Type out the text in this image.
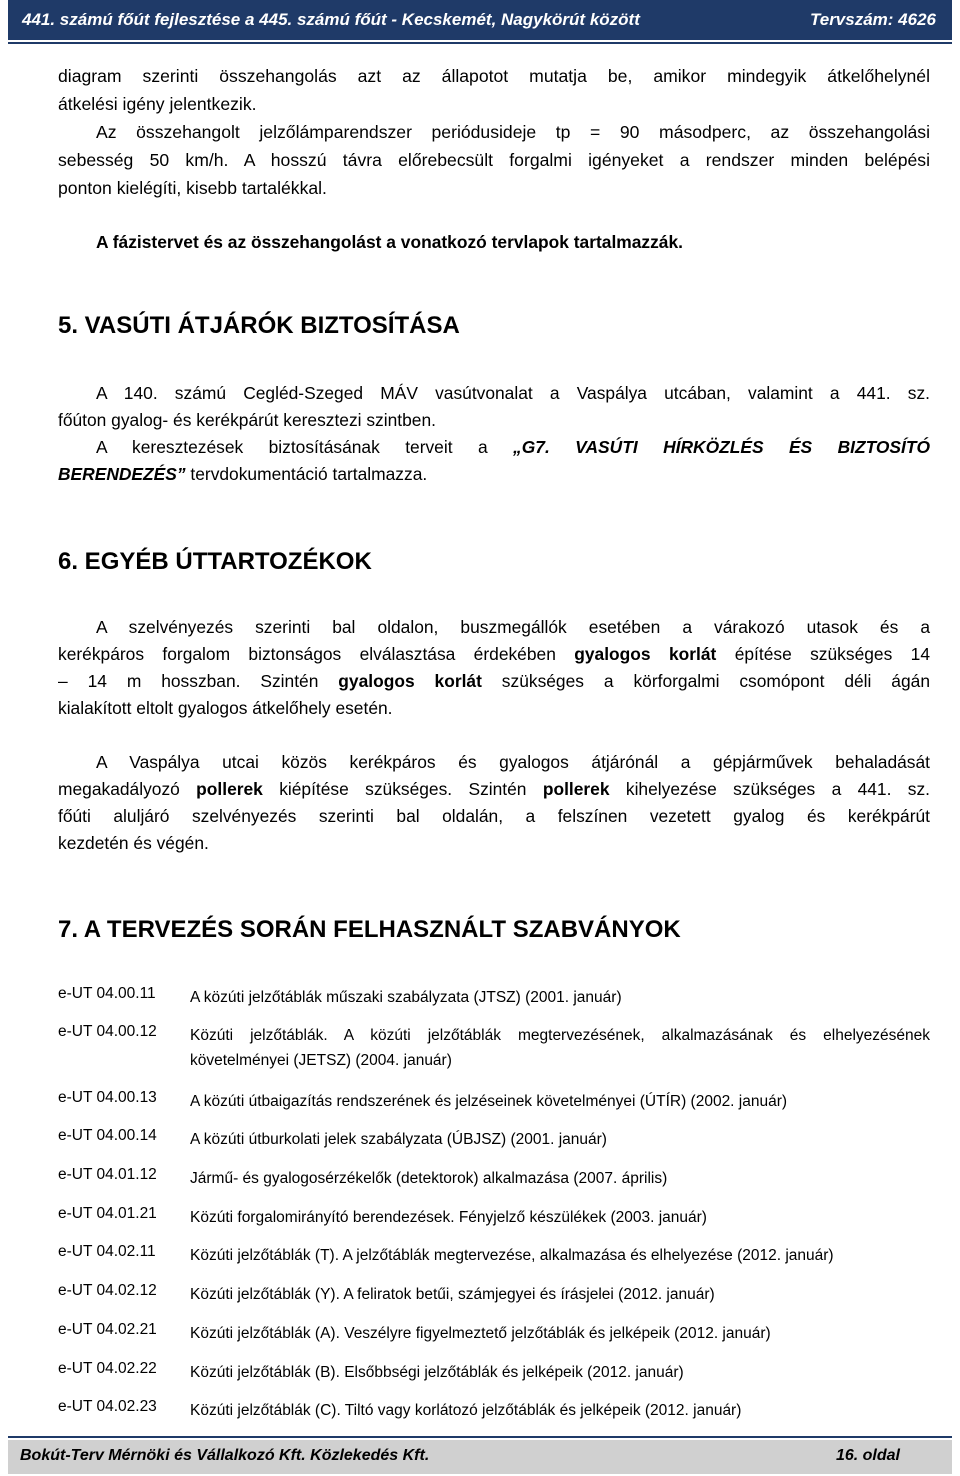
441. számú főút fejlesztése a 445. számú főút - Kecskemét, Nagykörút között	Tervszám: 4626
diagram szerinti összehangolás azt az állapotot mutatja be, amikor mindegyik átkelőhelynél
átkelési igény jelentkezik.
Az összehangolt jelzőlámparendszer periódusideje tp = 90 másodperc, az összehangolási
sebesség 50 km/h. A hosszú távra előrebecsült forgalmi igényeket a rendszer minden belépési
ponton kielégíti, kisebb tartalékkal.
A fázistervet és az összehangolást a vonatkozó tervlapok tartalmazzák.
5. VASÚTI ÁTJÁRÓK BIZTOSÍTÁSA
A 140. számú Cegléd-Szeged MÁV vasútvonalat a Vaspálya utcában, valamint a 441. sz.
főúton gyalog- és kerékpárút keresztezi szintben.
A keresztezések biztosításának terveit a „G7. VASÚTI HÍRKÖZLÉS ÉS BIZTOSÍTÓ
BERENDEZÉS” tervdokumentáció tartalmazza.
6. EGYÉB ÚTTARTOZÉKOK
A szelvényezés szerinti bal oldalon, buszmegállók esetében a várakozó utasok és a
kerékpáros forgalom biztonságos elválasztása érdekében gyalogos korlát építése szükséges 14
– 14 m hosszban. Szintén gyalogos korlát szükséges a körforgalmi csomópont déli ágán
kialakított eltolt gyalogos átkelőhely esetén.
A Vaspálya utcai közös kerékpáros és gyalogos átjárónál a gépjárművek behaladását
megakadályozó pollerek kiépítése szükséges. Szintén pollerek kihelyezése szükséges a 441. sz.
főúti aluljáró szelvényezés szerinti bal oldalán, a felszínen vezetett gyalog és kerékpárút
kezdetén és végén.
7. A TERVEZÉS SORÁN FELHASZNÁLT SZABVÁNYOK
e-UT 04.00.11	A közúti jelzőtáblák műszaki szabályzata (JTSZ) (2001. január)
e-UT 04.00.12	Közúti jelzőtáblák. A közúti jelzőtáblák megtervezésének, alkalmazásának és elhelyezésének
követelményei (JETSZ) (2004. január)
e-UT 04.00.13	A közúti útbaigazítás rendszerének és jelzéseinek követelményei (ÚTÍR) (2002. január)
e-UT 04.00.14	A közúti útburkolati jelek szabályzata (ÚBJSZ) (2001. január)
e-UT 04.01.12	Jármű- és gyalogosérzékelők (detektorok) alkalmazása (2007. április)
e-UT 04.01.21	Közúti forgalomirányító berendezések. Fényjelző készülékek (2003. január)
e-UT 04.02.11	Közúti jelzőtáblák (T). A jelzőtáblák megtervezése, alkalmazása és elhelyezése (2012. január)
e-UT 04.02.12	Közúti jelzőtáblák (Y). A feliratok betűi, számjegyei és írásjelei (2012. január)
e-UT 04.02.21	Közúti jelzőtáblák (A). Veszélyre figyelmeztető jelzőtáblák és jelképeik (2012. január)
e-UT 04.02.22	Közúti jelzőtáblák (B). Elsőbbségi jelzőtáblák és jelképeik (2012. január)
e-UT 04.02.23	Közúti jelzőtáblák (C). Tiltó vagy korlátozó jelzőtáblák és jelképeik (2012. január)
Bokút-Terv Mérnöki és Vállalkozó Kft. Közlekedés Kft.	16. oldal
